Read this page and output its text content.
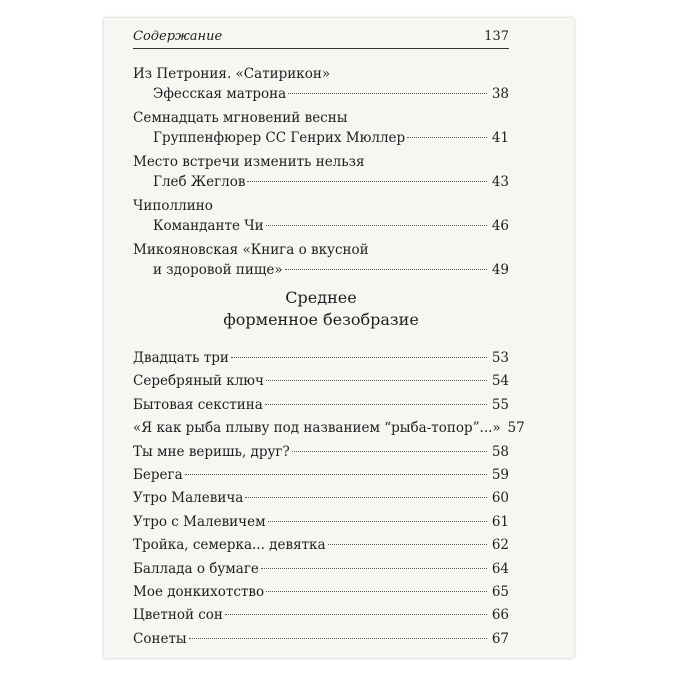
Содержание	137
Из Петрония. «Сатирикон»
Эфесская матрона	38
Семнадцать мгновений весны
Группенфюрер СС Генрих Мюллер	41
Место встречи изменить нельзя
Глеб Жеглов	43
Чиполлино
Команданте Чи	46
Микояновская «Книга о вкусной
и здоровой пище»	49
Среднее
форменное безобразие
Двадцать три	53
Серебряный ключ	54
Бытовая секстина	55
«Я как рыба плыву под названием “рыба-топор”...» 57
Ты мне веришь, друг?	58
Берега	59
Утро Малевича	60
Утро с Малевичем	61
Тройка, семерка... девятка	62
Баллада о бумаге	64
Мое донкихотство	65
Цветной сон	66
Сонеты	67
